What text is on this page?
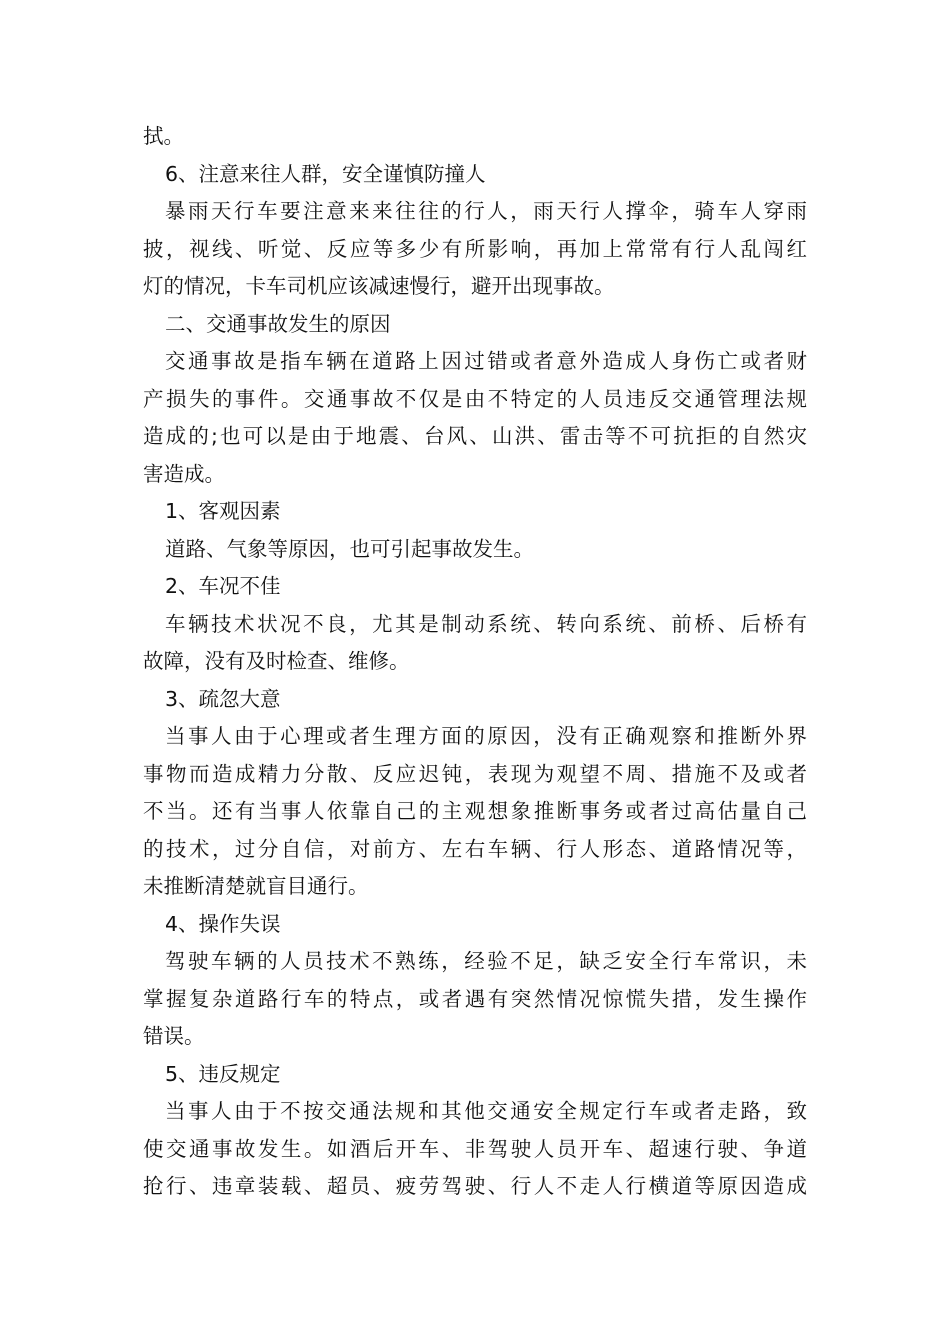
拭。
6、注意来往人群，安全谨慎防撞人
暴雨天行车要注意来来往往的行人，雨天行人撑伞，骑车人穿雨
披，视线、听觉、反应等多少有所影响，再加上常常有行人乱闯红
灯的情况，卡车司机应该减速慢行，避开出现事故。
二、交通事故发生的原因
交通事故是指车辆在道路上因过错或者意外造成人身伤亡或者财
产损失的事件。交通事故不仅是由不特定的人员违反交通管理法规
造成的;也可以是由于地震、台风、山洪、雷击等不可抗拒的自然灾
害造成。
1、客观因素
道路、气象等原因，也可引起事故发生。
2、车况不佳
车辆技术状况不良，尤其是制动系统、转向系统、前桥、后桥有
故障，没有及时检查、维修。
3、疏忽大意
当事人由于心理或者生理方面的原因，没有正确观察和推断外界
事物而造成精力分散、反应迟钝，表现为观望不周、措施不及或者
不当。还有当事人依靠自己的主观想象推断事务或者过高估量自己
的技术，过分自信，对前方、左右车辆、行人形态、道路情况等，
未推断清楚就盲目通行。
4、操作失误
驾驶车辆的人员技术不熟练，经验不足，缺乏安全行车常识，未
掌握复杂道路行车的特点，或者遇有突然情况惊慌失措，发生操作
错误。
5、违反规定
当事人由于不按交通法规和其他交通安全规定行车或者走路，致
使交通事故发生。如酒后开车、非驾驶人员开车、超速行驶、争道
抢行、违章装载、超员、疲劳驾驶、行人不走人行横道等原因造成
